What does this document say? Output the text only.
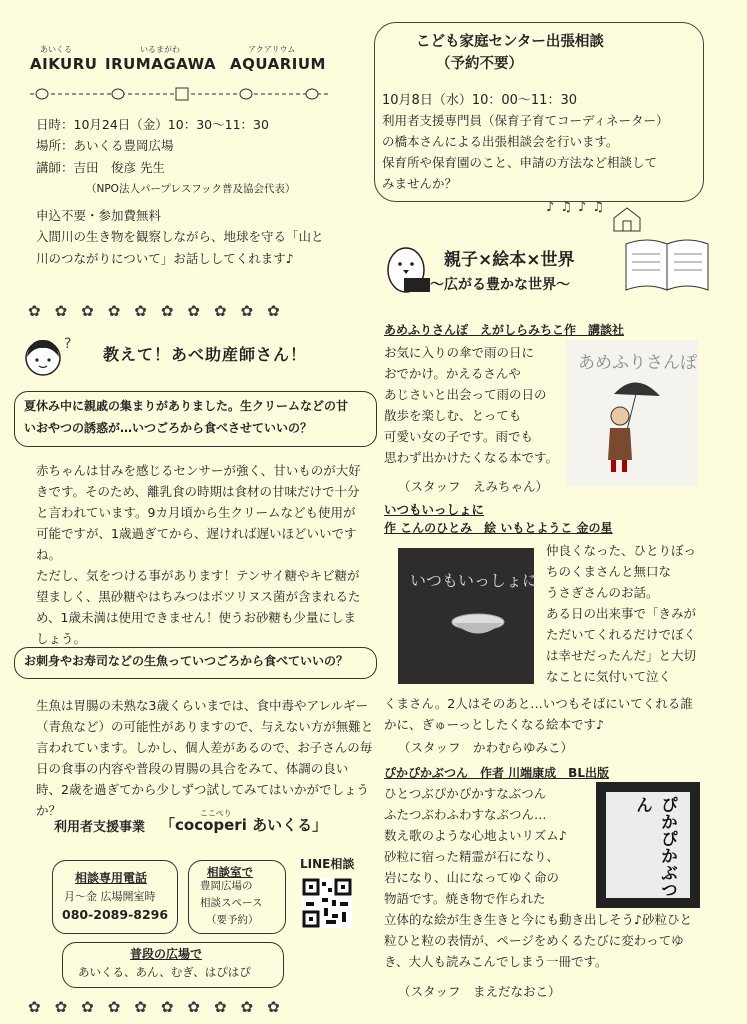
あいくる	いるまがわ	アクアリウム
AIKURU IRUMAGAWA AQUARIUM
日時：10月24日（金）10：30〜11：30
場所：あいくる豊岡広場
講師：吉田　俊彦 先生
（NPO法人パープレスフック普及協会代表）
申込不要・参加費無料
入間川の生き物を観察しながら、地球を守る「山と
川のつながりについて」お話ししてくれます♪
✿✿✿✿✿✿✿✿✿✿
?
教えて！あべ助産師さん！
夏休み中に親戚の集まりがありました。生クリームなどの甘
いおやつの誘惑が…いつごろから食べさせていいの？
赤ちゃんは甘みを感じるセンサーが強く、甘いものが大好
きです。そのため、離乳食の時期は食材の甘味だけで十分
と言われています。9カ月頃から生クリームなども使用が
可能ですが、1歳過ぎてから、遅ければ遅いほどいいです
ね。
ただし、気をつける事があります！テンサイ糖やキビ糖が
望ましく、黒砂糖やはちみつはボツリヌス菌が含まれるた
め、1歳未満は使用できません！使うお砂糖も少量にしま
しょう。
お刺身やお寿司などの生魚っていつごろから食べていいの？
生魚は胃腸の未熟な3歳くらいまでは、食中毒やアレルギー
（青魚など）の可能性がありますので、与えない方が無難と
言われています。しかし、個人差があるので、お子さんの毎
日の食事の内容や普段の胃腸の具合をみて、体調の良い
時、2歳を過ぎてから少しずつ試してみてはいかがでしょう
か？	ここぺり
利用者支援事業 「cocoperi あいくる」
相談専用電話
月〜金 広場開室時
080-2089-8296
相談室で
豊岡広場の
相談スペース
（要予約）
LINE相談
普段の広場で
あいくる、あん、むぎ、はぴはぴ
✿✿✿✿✿✿✿✿✿✿
こども家庭センター出張相談
（予約不要）
10月8日（水）10：00〜11：30
利用者支援専門員（保育子育てコーディネーター）
の橋本さんによる出張相談会を行います。
保育所や保育園のこと、申請の方法など相談して
みませんか？
♪♫♪♫
親子×絵本×世界
〜広がる豊かな世界〜
あめふりさんぽ　えがしらみちこ作　講談社
お気に入りの傘で雨の日に
おでかけ。かえるさんや
あじさいと出会って雨の日の
散歩を楽しむ、とっても
可愛い女の子です。雨でも
思わず出かけたくなる本です。
（スタッフ　えみちゃん）
あめふりさんぽ
いつもいっしょに
作 こんのひとみ　絵 いもとようこ 金の星
いつもいっしょに
仲良くなった、ひとりぼっ
ちのくまさんと無口な
うさぎさんのお話。
ある日の出来事で「きみが
ただいてくれるだけでぼく
は幸せだったんだ」と大切
なことに気付いて泣く
くまさん。2人はそのあと…いつもそばにいてくれる誰
かに、ぎゅーっとしたくなる絵本です♪
（スタッフ　かわむらゆみこ）
ぴかぴかぶつん　作者 川端康成　BL出版
ひとつぶぴかぴかすなぶつん
ふたつぶわふわすなぶつん…
数え歌のような心地よいリズム♪
砂粒に宿った精霊が石になり、
岩になり、山になってゆく命の
物語です。焼き物で作られた
ぴかぴかぶつん
立体的な絵が生き生きと今にも動き出しそう♪砂粒ひと
粒ひと粒の表情が、ページをめくるたびに変わってゆ
き、大人も読みこんでしまう一冊です。
（スタッフ　まえだなおこ）
